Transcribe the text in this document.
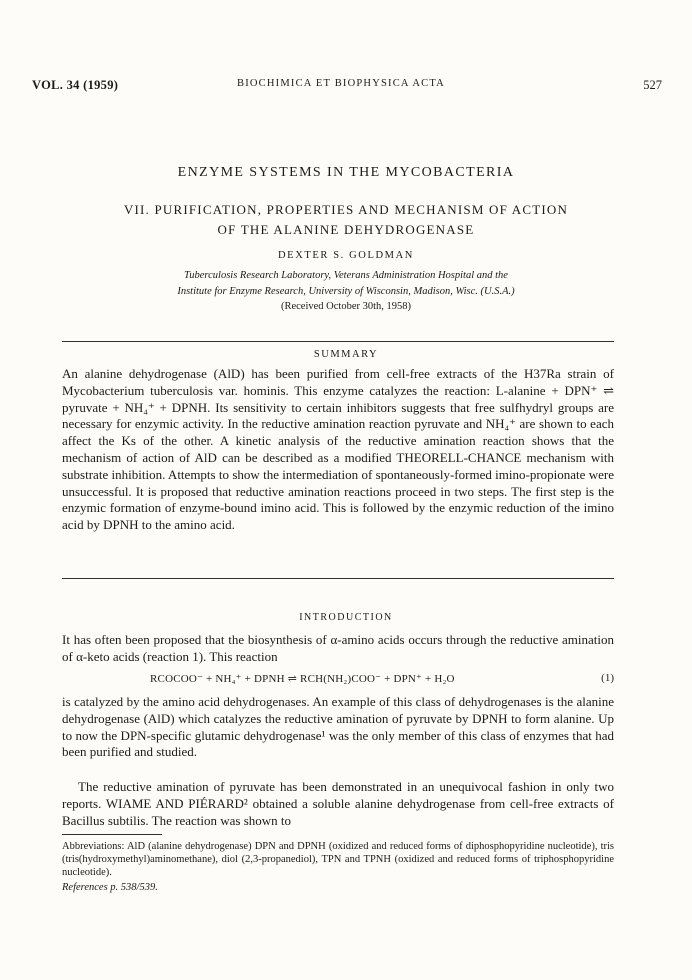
VOL. 34 (1959)	BIOCHIMICA ET BIOPHYSICA ACTA	527
ENZYME SYSTEMS IN THE MYCOBACTERIA
VII. PURIFICATION, PROPERTIES AND MECHANISM OF ACTION
OF THE ALANINE DEHYDROGENASE
DEXTER S. GOLDMAN
Tuberculosis Research Laboratory, Veterans Administration Hospital and the
Institute for Enzyme Research, University of Wisconsin, Madison, Wisc. (U.S.A.)
(Received October 30th, 1958)
SUMMARY
An alanine dehydrogenase (AlD) has been purified from cell-free extracts of the H37Ra strain of Mycobacterium tuberculosis var. hominis. This enzyme catalyzes the reaction: L-alanine + DPN⁺ ⇌ pyruvate + NH₄⁺ + DPNH. Its sensitivity to certain inhibitors suggests that free sulfhydryl groups are necessary for enzymic activity. In the reductive amination reaction pyruvate and NH₄⁺ are shown to each affect the Ks of the other. A kinetic analysis of the reductive amination reaction shows that the mechanism of action of AlD can be described as a modified THEORELL-CHANCE mechanism with substrate inhibition. Attempts to show the intermediation of spontaneously-formed imino-propionate were unsuccessful. It is proposed that reductive amination reactions proceed in two steps. The first step is the enzymic formation of enzyme-bound imino acid. This is followed by the enzymic reduction of the imino acid by DPNH to the amino acid.
INTRODUCTION
It has often been proposed that the biosynthesis of α-amino acids occurs through the reductive amination of α-keto acids (reaction 1). This reaction
RCOCOO⁻ + NH₄⁺ + DPNH ⇌ RCH(NH₂)COO⁻ + DPN⁺ + H₂O	(1)
is catalyzed by the amino acid dehydrogenases. An example of this class of dehydrogenases is the alanine dehydrogenase (AlD) which catalyzes the reductive amination of pyruvate by DPNH to form alanine. Up to now the DPN-specific glutamic dehydrogenase¹ was the only member of this class of enzymes that had been purified and studied.
The reductive amination of pyruvate has been demonstrated in an unequivocal fashion in only two reports. WIAME AND PIÉRARD² obtained a soluble alanine dehydrogenase from cell-free extracts of Bacillus subtilis. The reaction was shown to
Abbreviations: AlD (alanine dehydrogenase) DPN and DPNH (oxidized and reduced forms of diphosphopyridine nucleotide), tris (tris(hydroxymethyl)aminomethane), diol (2,3-propanediol), TPN and TPNH (oxidized and reduced forms of triphosphopyridine nucleotide).
References p. 538/539.
